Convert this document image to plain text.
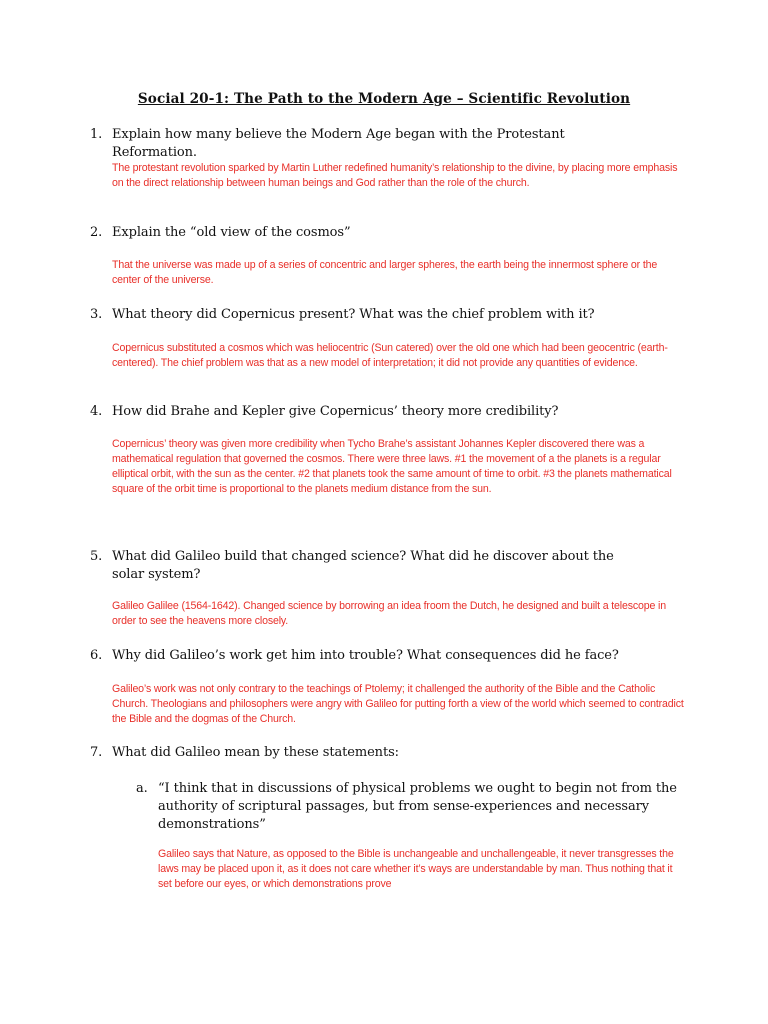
Social 20-1: The Path to the Modern Age – Scientific Revolution
1. Explain how many believe the Modern Age began with the Protestant Reformation.
The protestant revolution sparked by Martin Luther redefined humanity’s relationship to the divine, by placing more emphasis on the direct relationship between human beings and God rather than the role of the church.
2. Explain the “old view of the cosmos”
That the universe was made up of a series of concentric and larger spheres, the earth being the innermost sphere or the center of the universe.
3. What theory did Copernicus present? What was the chief problem with it?
Copernicus substituted a cosmos which was heliocentric (Sun catered) over the old one which had been geocentric (earth-centered). The chief problem was that as a new model of interpretation; it did not provide any quantities of evidence.
4. How did Brahe and Kepler give Copernicus’ theory more credibility?
Copernicus’ theory was given more credibility when Tycho Brahe’s assistant Johannes Kepler discovered there was a mathematical regulation that governed the cosmos. There were three laws. #1 the movement of a the planets is a regular elliptical orbit, with the sun as the center. #2 that planets took the same amount of time to orbit. #3 the planets mathematical square of the orbit time is proportional to the planets medium distance from the sun.
5. What did Galileo build that changed science? What did he discover about the solar system?
Galileo Galilee (1564-1642). Changed science by borrowing an idea froom the Dutch, he designed and built a telescope in order to see the heavens more closely.
6. Why did Galileo’s work get him into trouble? What consequences did he face?
Galileo’s work was not only contrary to the teachings of Ptolemy; it challenged the authority of the Bible and the Catholic Church. Theologians and philosophers were angry with Galileo for putting forth a view of the world which seemed to contradict the Bible and the dogmas of the Church.
7. What did Galileo mean by these statements:
a. “I think that in discussions of physical problems we ought to begin not from the authority of scriptural passages, but from sense-experiences and necessary demonstrations”
Galileo says that Nature, as opposed to the Bible is unchangeable and unchallengeable, it never transgresses the laws may be placed upon it, as it does not care whether it’s ways are understandable by man. Thus nothing that it set before our eyes, or which demonstrations prove
